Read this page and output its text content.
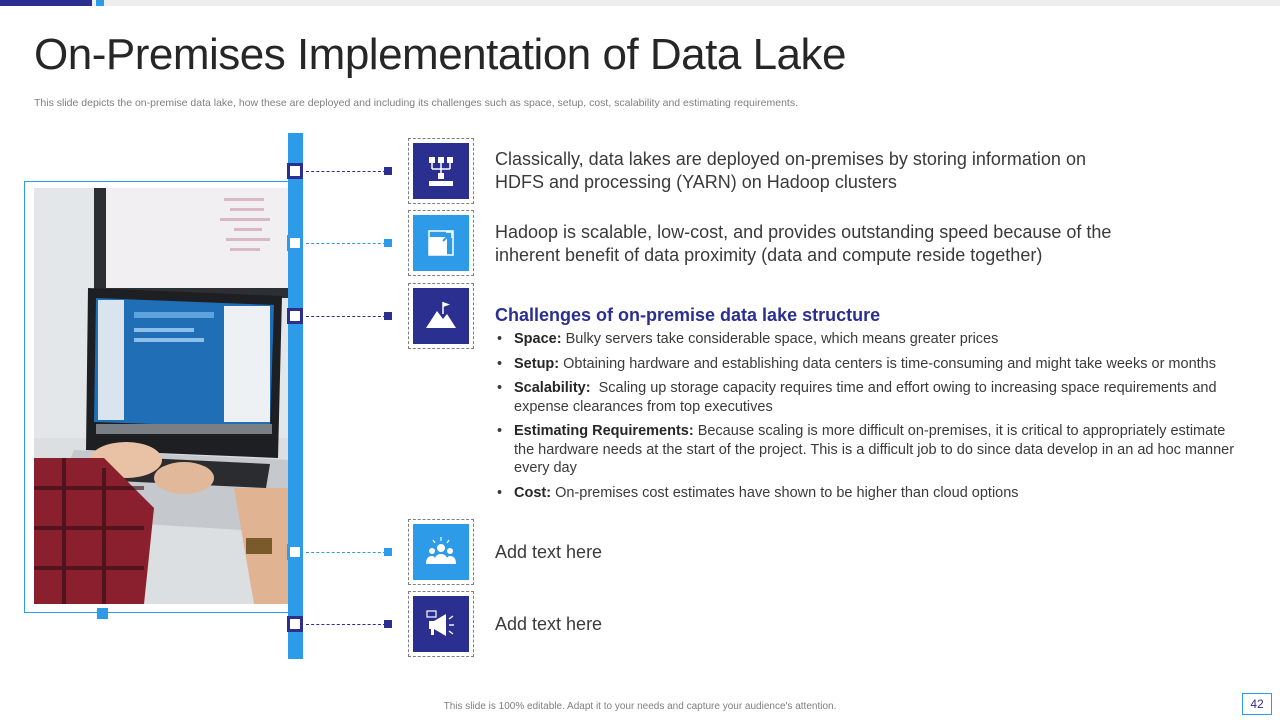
On-Premises Implementation of Data Lake
This slide depicts the on-premise data lake, how these are deployed and including its challenges such as space, setup, cost, scalability and estimating requirements.
Classically, data lakes are deployed on-premises by storing information on HDFS and processing (YARN) on Hadoop clusters
Hadoop is scalable, low-cost, and provides outstanding speed because of the inherent benefit of data proximity (data and compute reside together)
Challenges of on-premise data lake structure
• Space: Bulky servers take considerable space, which means greater prices
• Setup: Obtaining hardware and establishing data centers is time-consuming and might take weeks or months
• Scalability:  Scaling up storage capacity requires time and effort owing to increasing space requirements and expense clearances from top executives
• Estimating Requirements: Because scaling is more difficult on-premises, it is critical to appropriately estimate the hardware needs at the start of the project. This is a difficult job to do since data develop in an ad hoc manner every day
• Cost: On-premises cost estimates have shown to be higher than cloud options
Add text here
Add text here
This slide is 100% editable. Adapt it to your needs and capture your audience's attention.	42
